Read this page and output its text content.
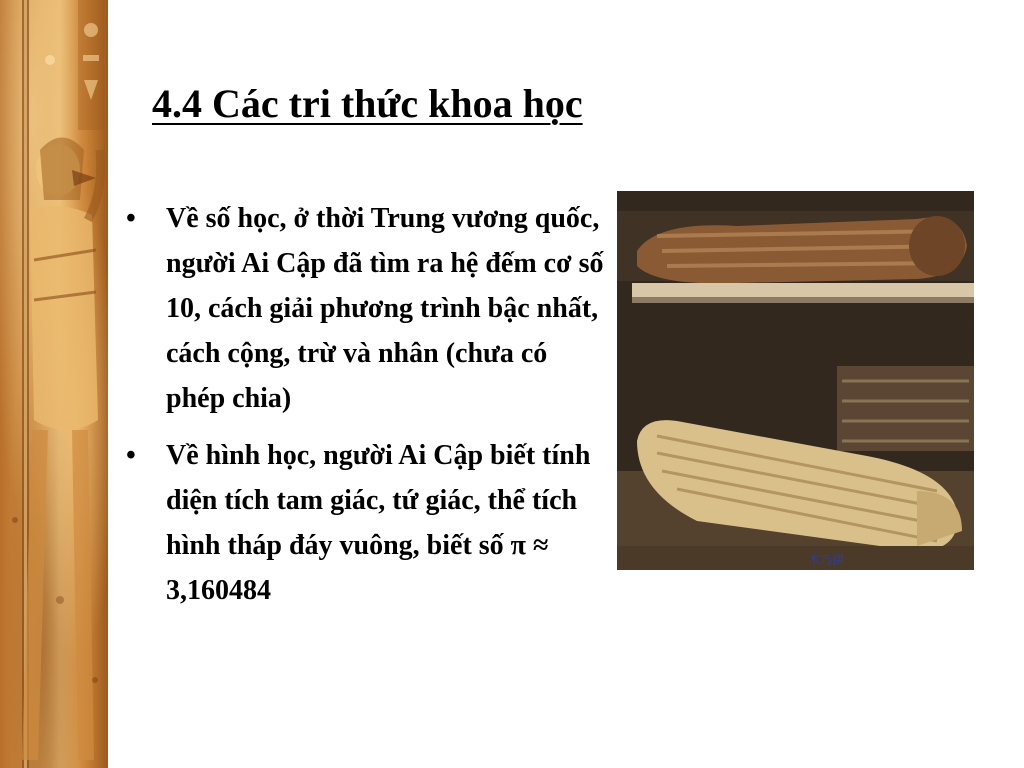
4.4 Các tri thức khoa học
• Về số học, ở thời Trung vương quốc, người Ai Cập đã tìm ra hệ đếm cơ số 10, cách giải phương trình bậc nhất, cách cộng, trừ và nhân (chưa có phép chia)
• Về hình học, người Ai Cập biết tính diện tích tam giác, tứ giác, thể tích hình tháp đáy vuông, biết số π ≈ 3,160484
木乃伊
